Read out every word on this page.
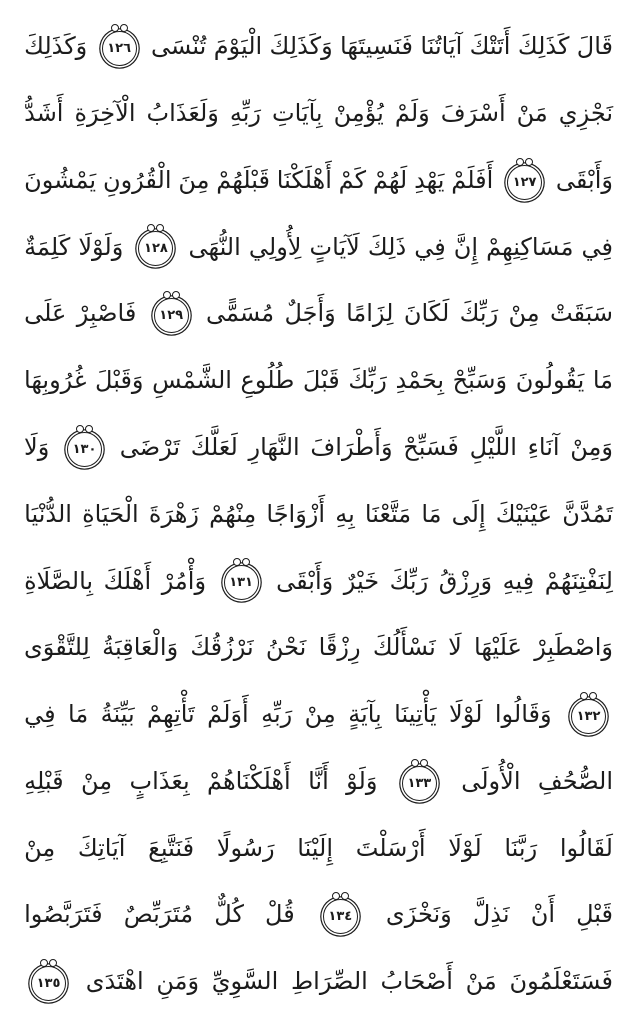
قَالَ
كَذَلِكَ
أَتَتْكَ
آيَاتُنَا
فَنَسِيتَهَا
وَكَذَلِكَ
الْيَوْمَ
تُنْسَى
١٢٦
وَكَذَلِكَ
نَجْزِي
مَنْ
أَسْرَفَ
وَلَمْ
يُؤْمِنْ
بِآيَاتِ
رَبِّهِ
وَلَعَذَابُ
الْآخِرَةِ
أَشَدُّ
وَأَبْقَى
١٢٧
أَفَلَمْ
يَهْدِ
لَهُمْ
كَمْ
أَهْلَكْنَا
قَبْلَهُمْ
مِنَ
الْقُرُونِ
يَمْشُونَ
فِي
مَسَاكِنِهِمْ
إِنَّ
فِي
ذَلِكَ
لَآيَاتٍ
لِأُولِي
النُّهَى
١٢٨
وَلَوْلَا
كَلِمَةٌ
سَبَقَتْ
مِنْ
رَبِّكَ
لَكَانَ
لِزَامًا
وَأَجَلٌ
مُسَمًّى
١٢٩
فَاصْبِرْ
عَلَى
مَا
يَقُولُونَ
وَسَبِّحْ
بِحَمْدِ
رَبِّكَ
قَبْلَ
طُلُوعِ
الشَّمْسِ
وَقَبْلَ
غُرُوبِهَا
وَمِنْ
آنَاءِ
اللَّيْلِ
فَسَبِّحْ
وَأَطْرَافَ
النَّهَارِ
لَعَلَّكَ
تَرْضَى
١٣٠
وَلَا
تَمُدَّنَّ
عَيْنَيْكَ
إِلَى
مَا
مَتَّعْنَا
بِهِ
أَزْوَاجًا
مِنْهُمْ
زَهْرَةَ
الْحَيَاةِ
الدُّنْيَا
لِنَفْتِنَهُمْ
فِيهِ
وَرِزْقُ
رَبِّكَ
خَيْرٌ
وَأَبْقَى
١٣١
وَأْمُرْ
أَهْلَكَ
بِالصَّلَاةِ
وَاصْطَبِرْ
عَلَيْهَا
لَا
نَسْأَلُكَ
رِزْقًا
نَحْنُ
نَرْزُقُكَ
وَالْعَاقِبَةُ
لِلتَّقْوَى
١٣٢
وَقَالُوا
لَوْلَا
يَأْتِينَا
بِآيَةٍ
مِنْ
رَبِّهِ
أَوَلَمْ
تَأْتِهِمْ
بَيِّنَةُ
مَا
فِي
الصُّحُفِ
الْأُولَى
١٣٣
وَلَوْ
أَنَّا
أَهْلَكْنَاهُمْ
بِعَذَابٍ
مِنْ
قَبْلِهِ
لَقَالُوا
رَبَّنَا
لَوْلَا
أَرْسَلْتَ
إِلَيْنَا
رَسُولًا
فَنَتَّبِعَ
آيَاتِكَ
مِنْ
قَبْلِ
أَنْ
نَذِلَّ
وَنَخْزَى
١٣٤
قُلْ
كُلٌّ
مُتَرَبِّصٌ
فَتَرَبَّصُوا
فَسَتَعْلَمُونَ
مَنْ
أَصْحَابُ
الصِّرَاطِ
السَّوِيِّ
وَمَنِ
اهْتَدَى
١٣٥
